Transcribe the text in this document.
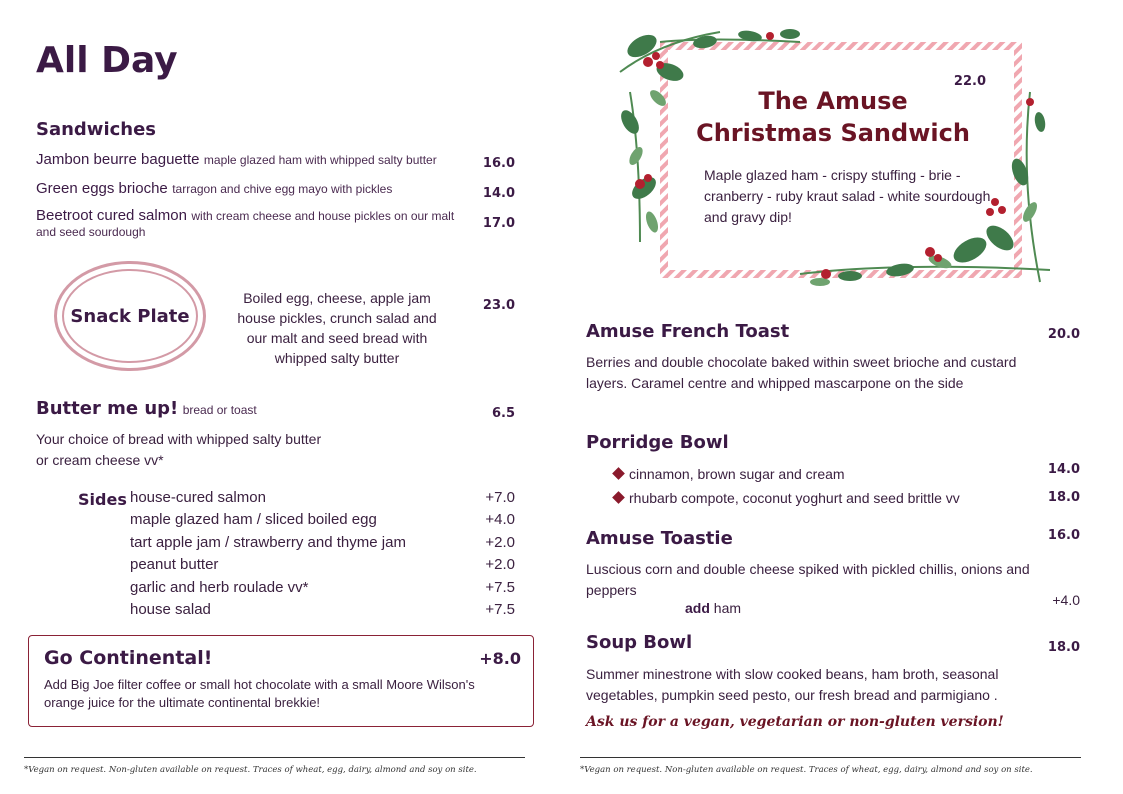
All Day
Sandwiches
Jambon beurre baguette maple glazed ham with whipped salty butter	16.0
Green eggs brioche tarragon and chive egg mayo with pickles	14.0
Beetroot cured salmon with cream cheese and house pickles on our malt and seed sourdough
17.0
Snack Plate
Boiled egg, cheese, apple jam house pickles, crunch salad and our malt and seed bread with whipped salty butter
23.0
Butter me up! bread or toast	6.5
Your choice of bread with whipped salty butter
or cream cheese vv*
Sides house-cured salmon	+7.0
maple glazed ham / sliced boiled egg	+4.0
tart apple jam / strawberry and thyme jam	+2.0
peanut butter	+2.0
garlic and herb roulade vv*	+7.5
house salad	+7.5
Go Continental!	+8.0
Add Big Joe filter coffee or small hot chocolate with a small Moore Wilson's orange juice for the ultimate continental brekkie!
*Vegan on request. Non-gluten available on request. Traces of wheat, egg, dairy, almond and soy on site.
The Amuse
Christmas Sandwich
22.0
Maple glazed ham - crispy stuffing - brie - cranberry - ruby kraut salad - white sourdough and gravy dip!
Amuse French Toast	20.0
Berries and double chocolate baked within sweet brioche and custard layers. Caramel centre and whipped mascarpone on the side
Porridge Bowl
cinnamon, brown sugar and cream	14.0
rhubarb compote, coconut yoghurt and seed brittle vv	18.0
Amuse Toastie	16.0
Luscious corn and double cheese spiked with pickled chillis, onions and peppers
add ham	+4.0
Soup Bowl	18.0
Summer minestrone with slow cooked beans, ham broth, seasonal vegetables, pumpkin seed pesto, our fresh bread and parmigiano .
Ask us for a vegan, vegetarian or non-gluten version!
*Vegan on request. Non-gluten available on request. Traces of wheat, egg, dairy, almond and soy on site.
